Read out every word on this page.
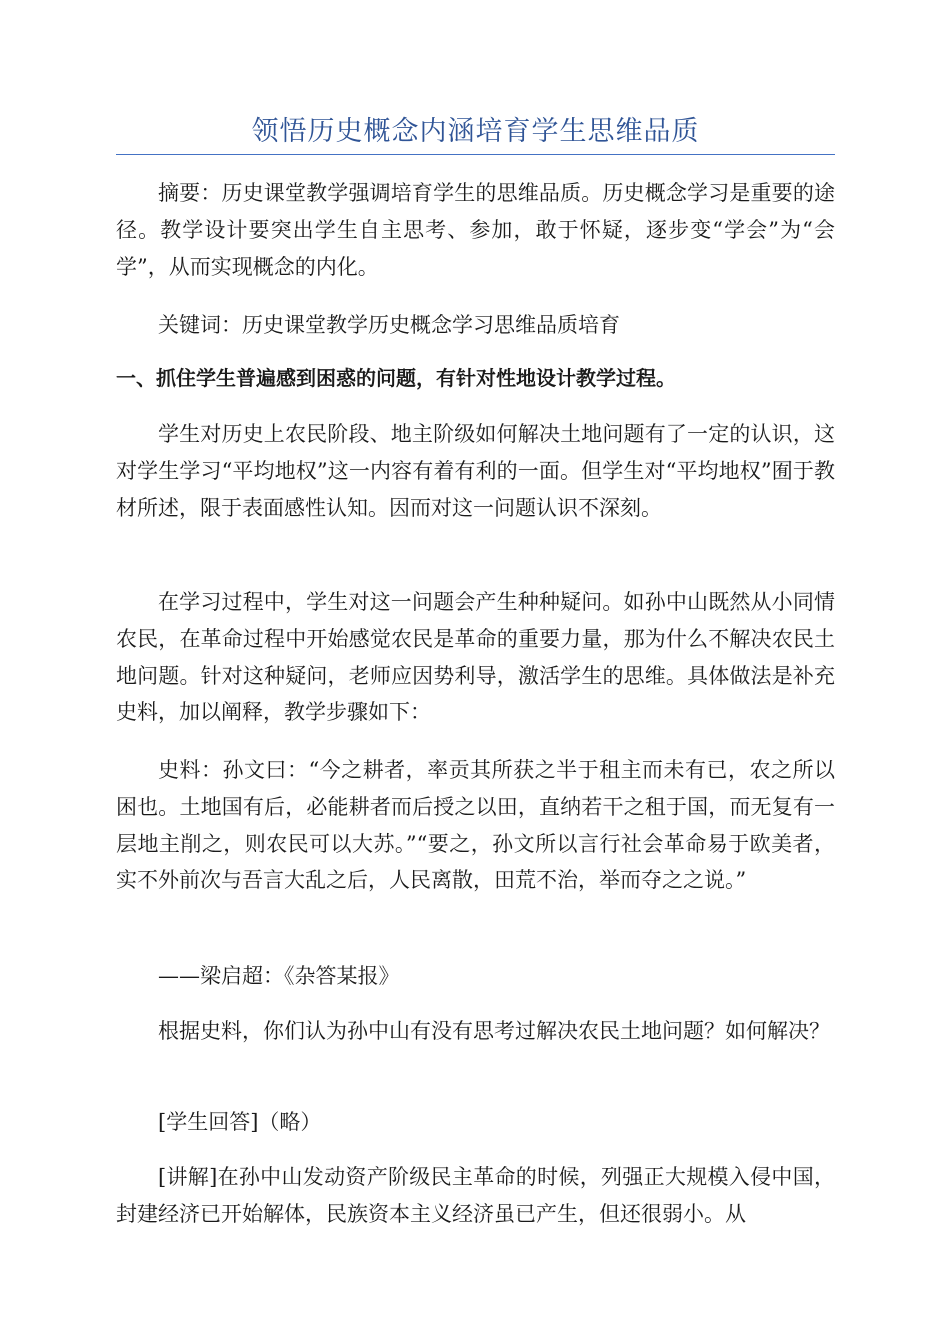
领悟历史概念内涵培育学生思维品质

摘要：历史课堂教学强调培育学生的思维品质。历史概念学习是重要的途径。教学设计要突出学生自主思考、参加，敢于怀疑，逐步变“学会”为“会学”，从而实现概念的内化。

关键词：历史课堂教学历史概念学习思维品质培育

一、抓住学生普遍感到困惑的问题，有针对性地设计教学过程。

学生对历史上农民阶段、地主阶级如何解决土地问题有了一定的认识，这对学生学习“平均地权”这一内容有着有利的一面。但学生对“平均地权”囿于教材所述，限于表面感性认知。因而对这一问题认识不深刻。

在学习过程中，学生对这一问题会产生种种疑问。如孙中山既然从小同情农民，在革命过程中开始感觉农民是革命的重要力量，那为什么不解决农民土地问题。针对这种疑问，老师应因势利导，激活学生的思维。具体做法是补充史料，加以阐释，教学步骤如下：

史料：孙文曰：“今之耕者，率贡其所获之半于租主而未有已，农之所以困也。土地国有后，必能耕者而后授之以田，直纳若干之租于国，而无复有一层地主削之，则农民可以大苏。”“要之，孙文所以言行社会革命易于欧美者，实不外前次与吾言大乱之后，人民离散，田荒不治，举而夺之之说。”

——梁启超：《杂答某报》

根据史料，你们认为孙中山有没有思考过解决农民土地问题？如何解决？

[学生回答]（略）

[讲解]在孙中山发动资产阶级民主革命的时候，列强正大规模入侵中国，封建经济已开始解体，民族资本主义经济虽已产生，但还很弱小。从
